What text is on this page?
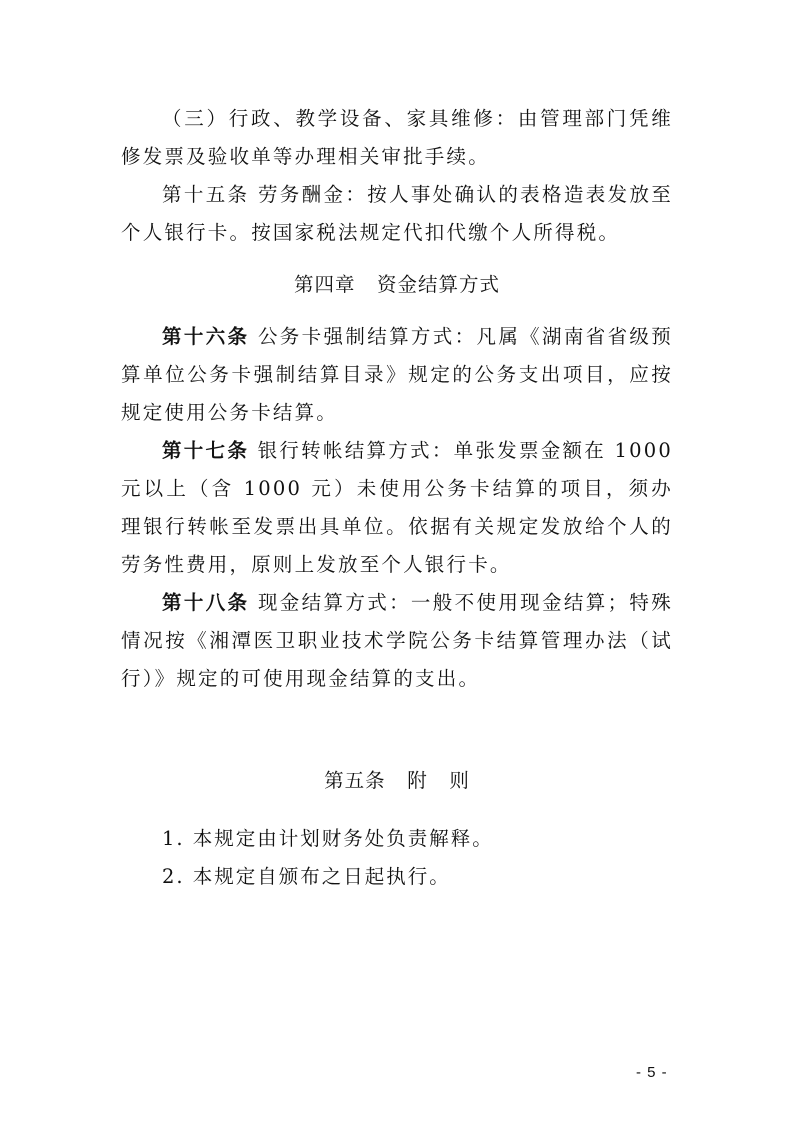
（三）行政、教学设备、家具维修：由管理部门凭维修发票及验收单等办理相关审批手续。

第十五条 劳务酬金：按人事处确认的表格造表发放至个人银行卡。按国家税法规定代扣代缴个人所得税。

第四章   资金结算方式

第十六条 公务卡强制结算方式：凡属《湖南省省级预算单位公务卡强制结算目录》规定的公务支出项目，应按规定使用公务卡结算。

第十七条 银行转帐结算方式：单张发票金额在 1000 元以上（含 1000 元）未使用公务卡结算的项目，须办理银行转帐至发票出具单位。依据有关规定发放给个人的劳务性费用，原则上发放至个人银行卡。

第十八条 现金结算方式：一般不使用现金结算；特殊情况按《湘潭医卫职业技术学院公务卡结算管理办法（试行）》规定的可使用现金结算的支出。

第五条   附   则

1. 本规定由计划财务处负责解释。

2. 本规定自颁布之日起执行。

- 5 -
